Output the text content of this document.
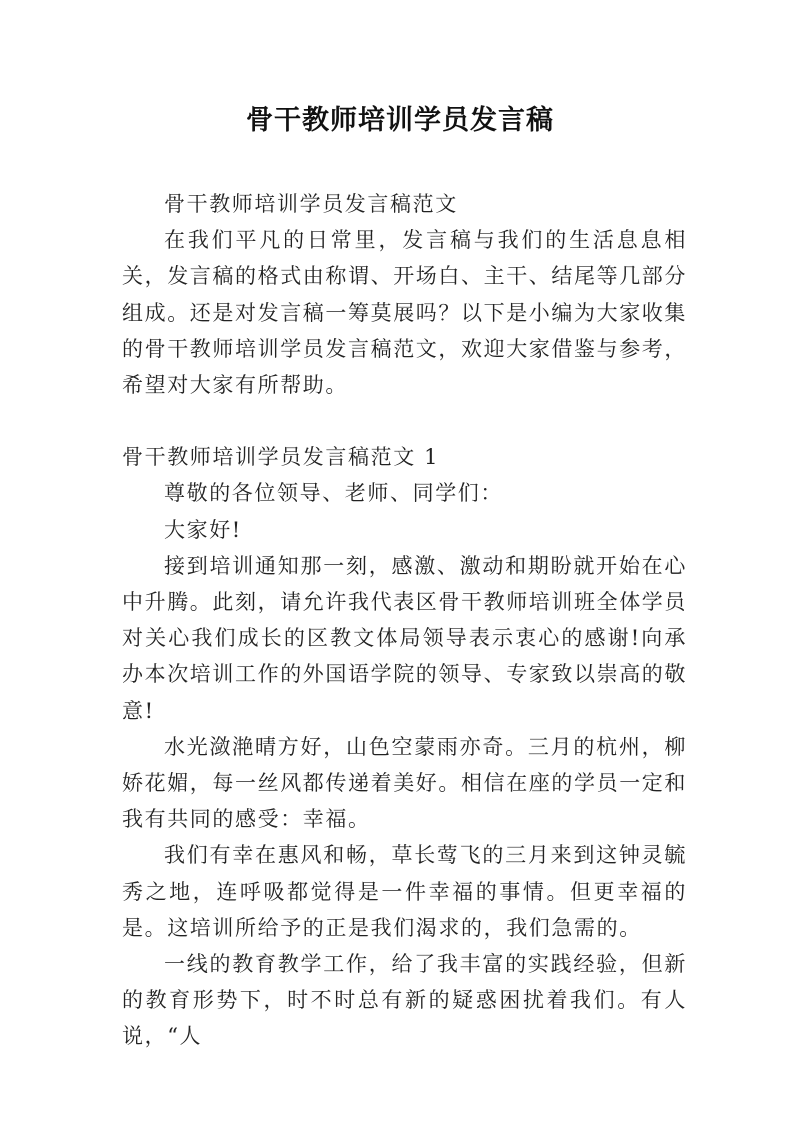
骨干教师培训学员发言稿

骨干教师培训学员发言稿范文

在我们平凡的日常里，发言稿与我们的生活息息相关，发言稿的格式由称谓、开场白、主干、结尾等几部分组成。还是对发言稿一筹莫展吗？以下是小编为大家收集的骨干教师培训学员发言稿范文，欢迎大家借鉴与参考，希望对大家有所帮助。

骨干教师培训学员发言稿范文 1

尊敬的各位领导、老师、同学们：

大家好!

接到培训通知那一刻，感激、激动和期盼就开始在心中升腾。此刻，请允许我代表区骨干教师培训班全体学员对关心我们成长的区教文体局领导表示衷心的感谢!向承办本次培训工作的外国语学院的领导、专家致以崇高的敬意!

水光潋滟晴方好，山色空蒙雨亦奇。三月的杭州，柳娇花媚，每一丝风都传递着美好。相信在座的学员一定和我有共同的感受：幸福。

我们有幸在惠风和畅，草长莺飞的三月来到这钟灵毓秀之地，连呼吸都觉得是一件幸福的事情。但更幸福的是。这培训所给予的正是我们渴求的，我们急需的。

一线的教育教学工作，给了我丰富的实践经验，但新的教育形势下，时不时总有新的疑惑困扰着我们。有人说，“人
